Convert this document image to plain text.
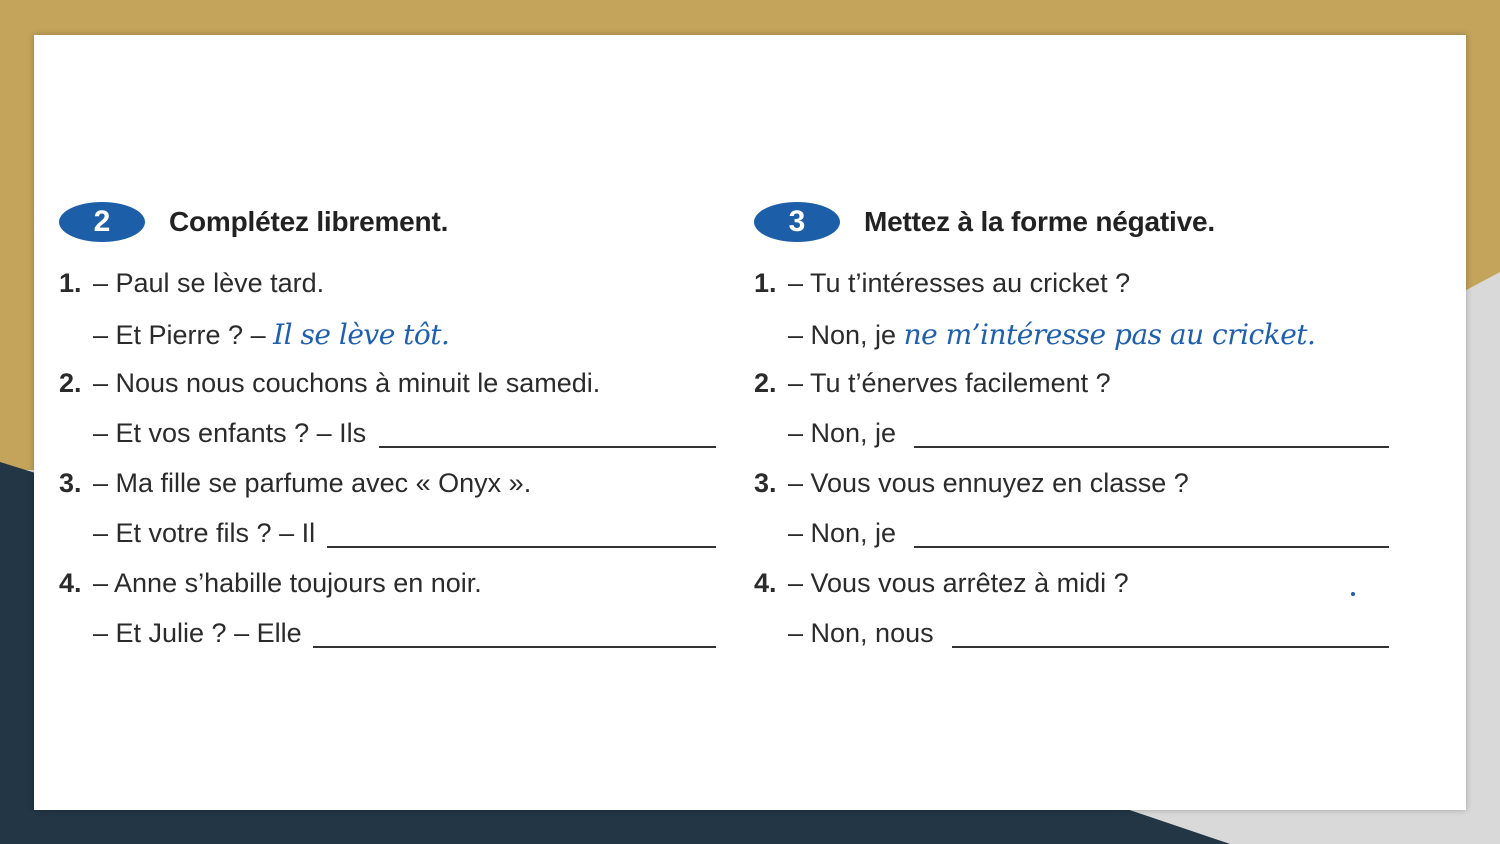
2	Complétez librement.
1. – Paul se lève tard.
– Et Pierre ? – Il se lève tôt.
2. – Nous nous couchons à minuit le samedi.
– Et vos enfants ? – Ils
3. – Ma fille se parfume avec « Onyx ».
– Et votre fils ? – Il
4. – Anne s’habille toujours en noir.
– Et Julie ? – Elle
3	Mettez à la forme négative.
1. – Tu t’intéresses au cricket ?
– Non, je ne m’intéresse pas au cricket.
2. – Tu t’énerves facilement ?
– Non, je
3. – Vous vous ennuyez en classe ?
– Non, je
4. – Vous vous arrêtez à midi ?
– Non, nous
